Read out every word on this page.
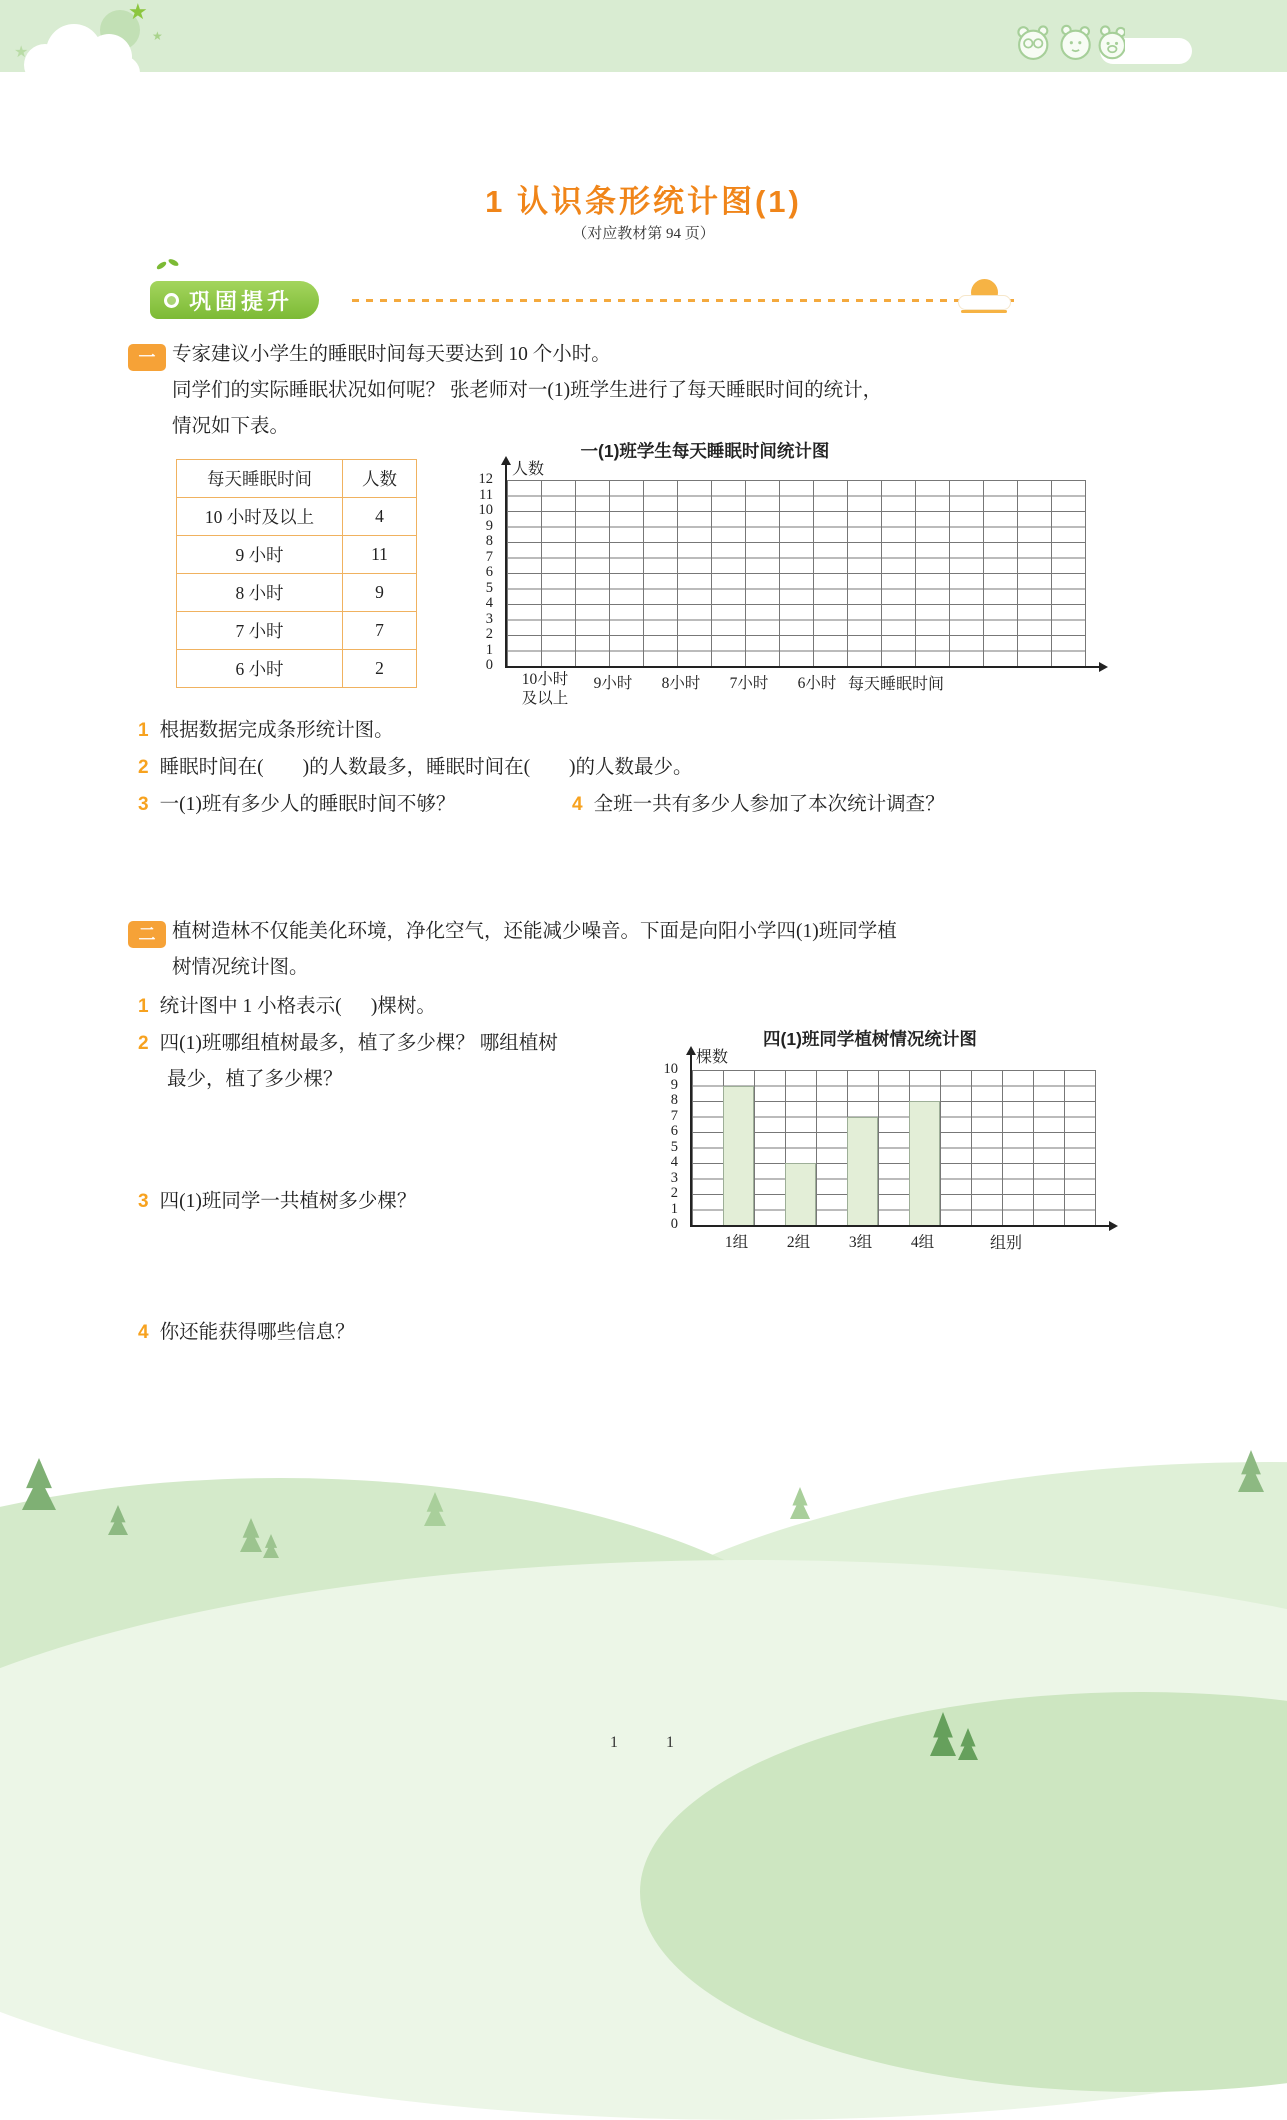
★
★
★
1 认识条形统计图(1)
（对应教材第 94 页）
巩固提升
一 专家建议小学生的睡眠时间每天要达到 10 个小时。
同学们的实际睡眠状况如何呢？ 张老师对一(1)班学生进行了每天睡眠时间的统计，
情况如下表。
每天睡眠时间	人数
10 小时及以上	4
9 小时	11
8 小时	9
7 小时	7
6 小时	2
一(1)班学生每天睡眠时间统计图
人数
0
1
2
3
4
5
6
7
8
9
10
11
12
10小时及以上
9小时 8小时 7小时 6小时 每天睡眠时间
1 根据数据完成条形统计图。
2 睡眠时间在(        )的人数最多，睡眠时间在(        )的人数最少。
3 一(1)班有多少人的睡眠时间不够？	4 全班一共有多少人参加了本次统计调查？
二 植树造林不仅能美化环境，净化空气，还能减少噪音。下面是向阳小学四(1)班同学植
树情况统计图。
1 统计图中 1 小格表示(      )棵树。
2 四(1)班哪组植树最多，植了多少棵？ 哪组植树
最少，植了多少棵？
3 四(1)班同学一共植树多少棵？
4 你还能获得哪些信息？
四(1)班同学植树情况统计图
棵数
0
1
2
3
4
5
6
7
8
9
10
1组 2组 3组 4组	组别
1	1
